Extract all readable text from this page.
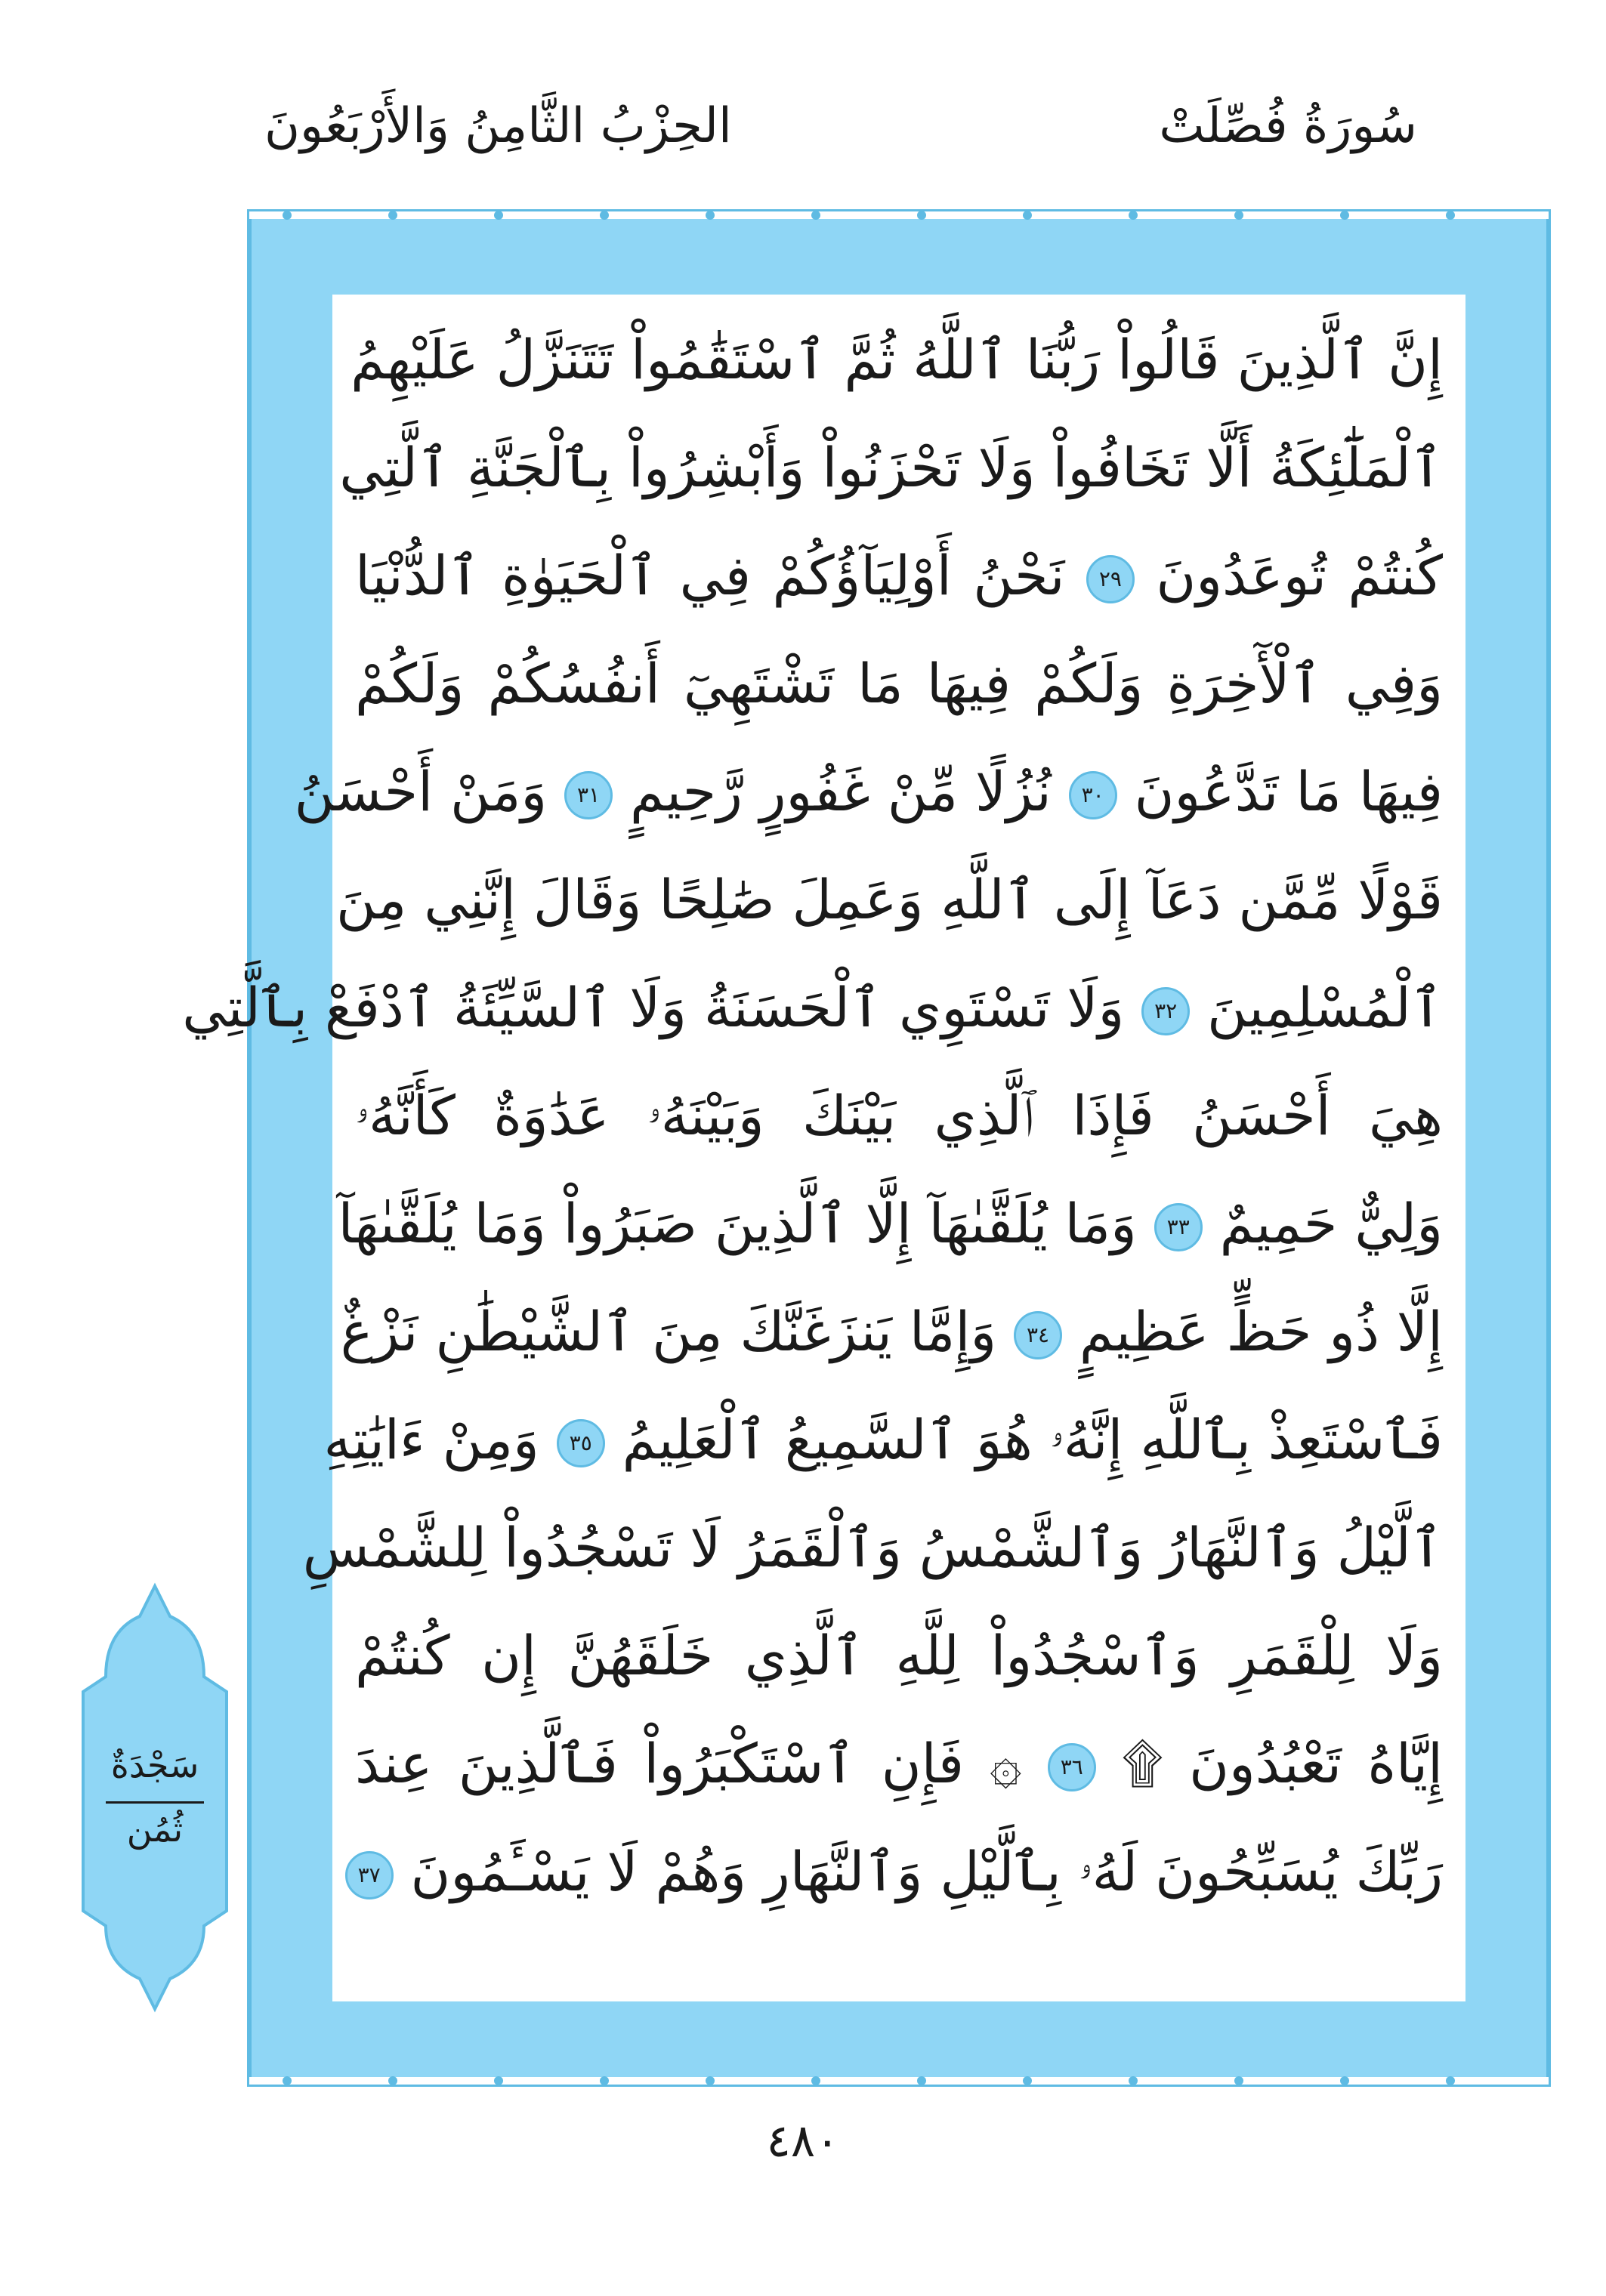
سُورَةُ فُصِّلَتْ
الحِزْبُ الثَّامِنُ وَالأَرْبَعُونَ
إِنَّ ٱلَّذِينَ قَالُواْ رَبُّنَا ٱللَّهُ ثُمَّ ٱسْتَقَٰمُواْ تَتَنَزَّلُ عَلَيْهِمُ
ٱلْمَلَٰٓئِكَةُ أَلَّا تَخَافُواْ وَلَا تَحْزَنُواْ وَأَبْشِرُواْ بِٱلْجَنَّةِ ٱلَّتِي
كُنتُمْ تُوعَدُونَ ٢٩ نَحْنُ أَوْلِيَآؤُكُمْ فِي ٱلْحَيَوٰةِ ٱلدُّنْيَا
وَفِي ٱلْأٓخِرَةِ وَلَكُمْ فِيهَا مَا تَشْتَهِيٓ أَنفُسُكُمْ وَلَكُمْ
فِيهَا مَا تَدَّعُونَ ٣٠ نُزُلًا مِّنْ غَفُورٍ رَّحِيمٍ ٣١ وَمَنْ أَحْسَنُ
قَوْلًا مِّمَّن دَعَآ إِلَى ٱللَّهِ وَعَمِلَ صَٰلِحًا وَقَالَ إِنَّنِي مِنَ
ٱلْمُسْلِمِينَ ٣٢ وَلَا تَسْتَوِي ٱلْحَسَنَةُ وَلَا ٱلسَّيِّئَةُ ٱدْفَعْ بِٱلَّتِي
هِيَ أَحْسَنُ فَإِذَا ٱلَّذِي بَيْنَكَ وَبَيْنَهُۥ عَدَٰوَةٌ كَأَنَّهُۥ
وَلِيٌّ حَمِيمٌ ٣٣ وَمَا يُلَقَّىٰهَآ إِلَّا ٱلَّذِينَ صَبَرُواْ وَمَا يُلَقَّىٰهَآ
إِلَّا ذُو حَظٍّ عَظِيمٍ ٣٤ وَإِمَّا يَنزَغَنَّكَ مِنَ ٱلشَّيْطَٰنِ نَزْغٌ
فَٱسْتَعِذْ بِٱللَّهِ إِنَّهُۥ هُوَ ٱلسَّمِيعُ ٱلْعَلِيمُ ٣٥ وَمِنْ ءَايَٰتِهِ
ٱلَّيْلُ وَٱلنَّهَارُ وَٱلشَّمْسُ وَٱلْقَمَرُ لَا تَسْجُدُواْ لِلشَّمْسِ
وَلَا لِلْقَمَرِ وَٱسْجُدُواْ لِلَّهِ ٱلَّذِي خَلَقَهُنَّ إِن كُنتُمْ
إِيَّاهُ تَعْبُدُونَ ۩ ٣٦ ۞ فَإِنِ ٱسْتَكْبَرُواْ فَٱلَّذِينَ عِندَ
رَبِّكَ يُسَبِّحُونَ لَهُۥ بِٱلَّيْلِ وَٱلنَّهَارِ وَهُمْ لَا يَسْـَٔمُونَ ٣٧
سَجْدَةٌ
ثُمُن
٤٨٠
